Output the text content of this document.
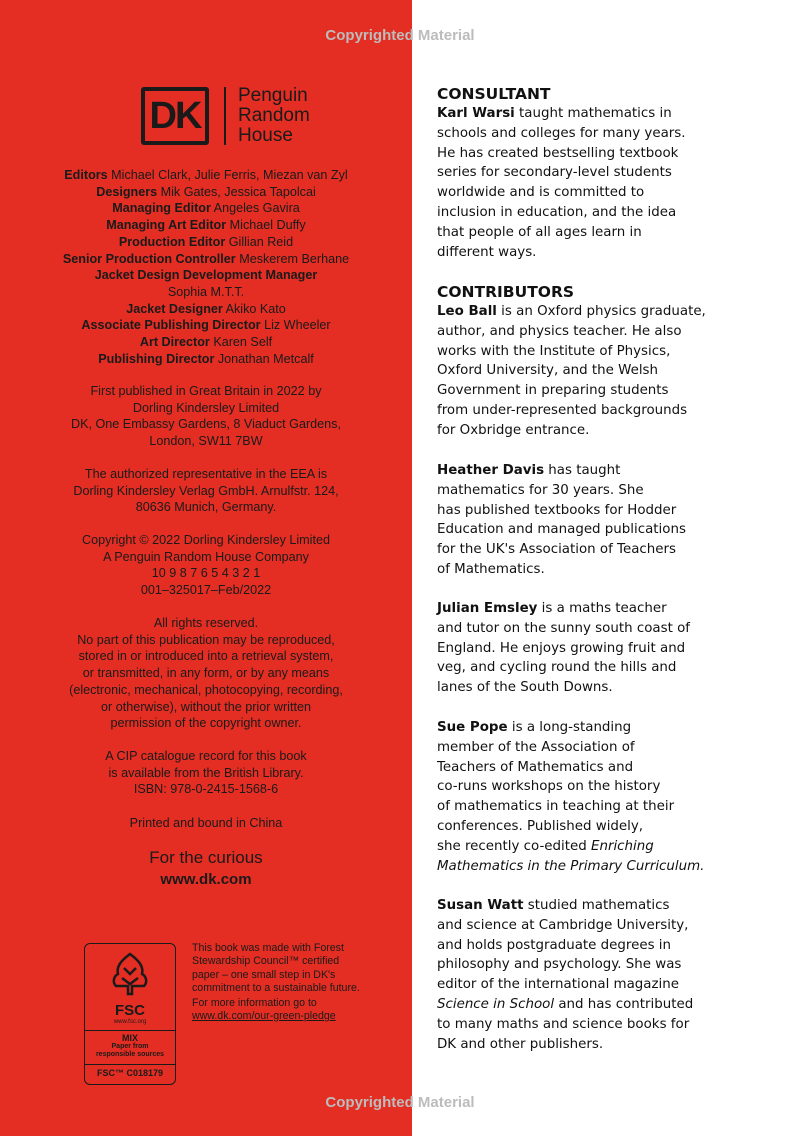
DK	Penguin
Random
House
Editors Michael Clark, Julie Ferris, Miezan van Zyl
Designers Mik Gates, Jessica Tapolcai
Managing Editor Angeles Gavira
Managing Art Editor Michael Duffy
Production Editor Gillian Reid
Senior Production Controller Meskerem Berhane
Jacket Design Development Manager
Sophia M.T.T.
Jacket Designer Akiko Kato
Associate Publishing Director Liz Wheeler
Art Director Karen Self
Publishing Director Jonathan Metcalf
First published in Great Britain in 2022 by
Dorling Kindersley Limited
DK, One Embassy Gardens, 8 Viaduct Gardens,
London, SW11 7BW
The authorized representative in the EEA is
Dorling Kindersley Verlag GmbH. Arnulfstr. 124,
80636 Munich, Germany.
Copyright © 2022 Dorling Kindersley Limited
A Penguin Random House Company
10 9 8 7 6 5 4 3 2 1
001–325017–Feb/2022
All rights reserved.
No part of this publication may be reproduced,
stored in or introduced into a retrieval system,
or transmitted, in any form, or by any means
(electronic, mechanical, photocopying, recording,
or otherwise), without the prior written
permission of the copyright owner.
A CIP catalogue record for this book
is available from the British Library.
ISBN: 978-0-2415-1568-6
Printed and bound in China
For the curious
www.dk.com
FSC
www.fsc.org
MIX
Paper from
responsible sources
FSC™ C018179
This book was made with Forest
Stewardship Council™ certified
paper – one small step in DK's
commitment to a sustainable future.
For more information go to
www.dk.com/our-green-pledge
Copyrighted Material
Copyrighted Material
CONSULTANT
Karl Warsi taught mathematics in
schools and colleges for many years.
He has created bestselling textbook
series for secondary-level students
worldwide and is committed to
inclusion in education, and the idea
that people of all ages learn in
different ways.
CONTRIBUTORS
Leo Ball is an Oxford physics graduate,
author, and physics teacher. He also
works with the Institute of Physics,
Oxford University, and the Welsh
Government in preparing students
from under-represented backgrounds
for Oxbridge entrance.
Heather Davis has taught
mathematics for 30 years. She
has published textbooks for Hodder
Education and managed publications
for the UK's Association of Teachers
of Mathematics.
Julian Emsley is a maths teacher
and tutor on the sunny south coast of
England. He enjoys growing fruit and
veg, and cycling round the hills and
lanes of the South Downs.
Sue Pope is a long-standing
member of the Association of
Teachers of Mathematics and
co-runs workshops on the history
of mathematics in teaching at their
conferences. Published widely,
she recently co-edited Enriching
Mathematics in the Primary Curriculum.
Susan Watt studied mathematics
and science at Cambridge University,
and holds postgraduate degrees in
philosophy and psychology. She was
editor of the international magazine
Science in School and has contributed
to many maths and science books for
DK and other publishers.
